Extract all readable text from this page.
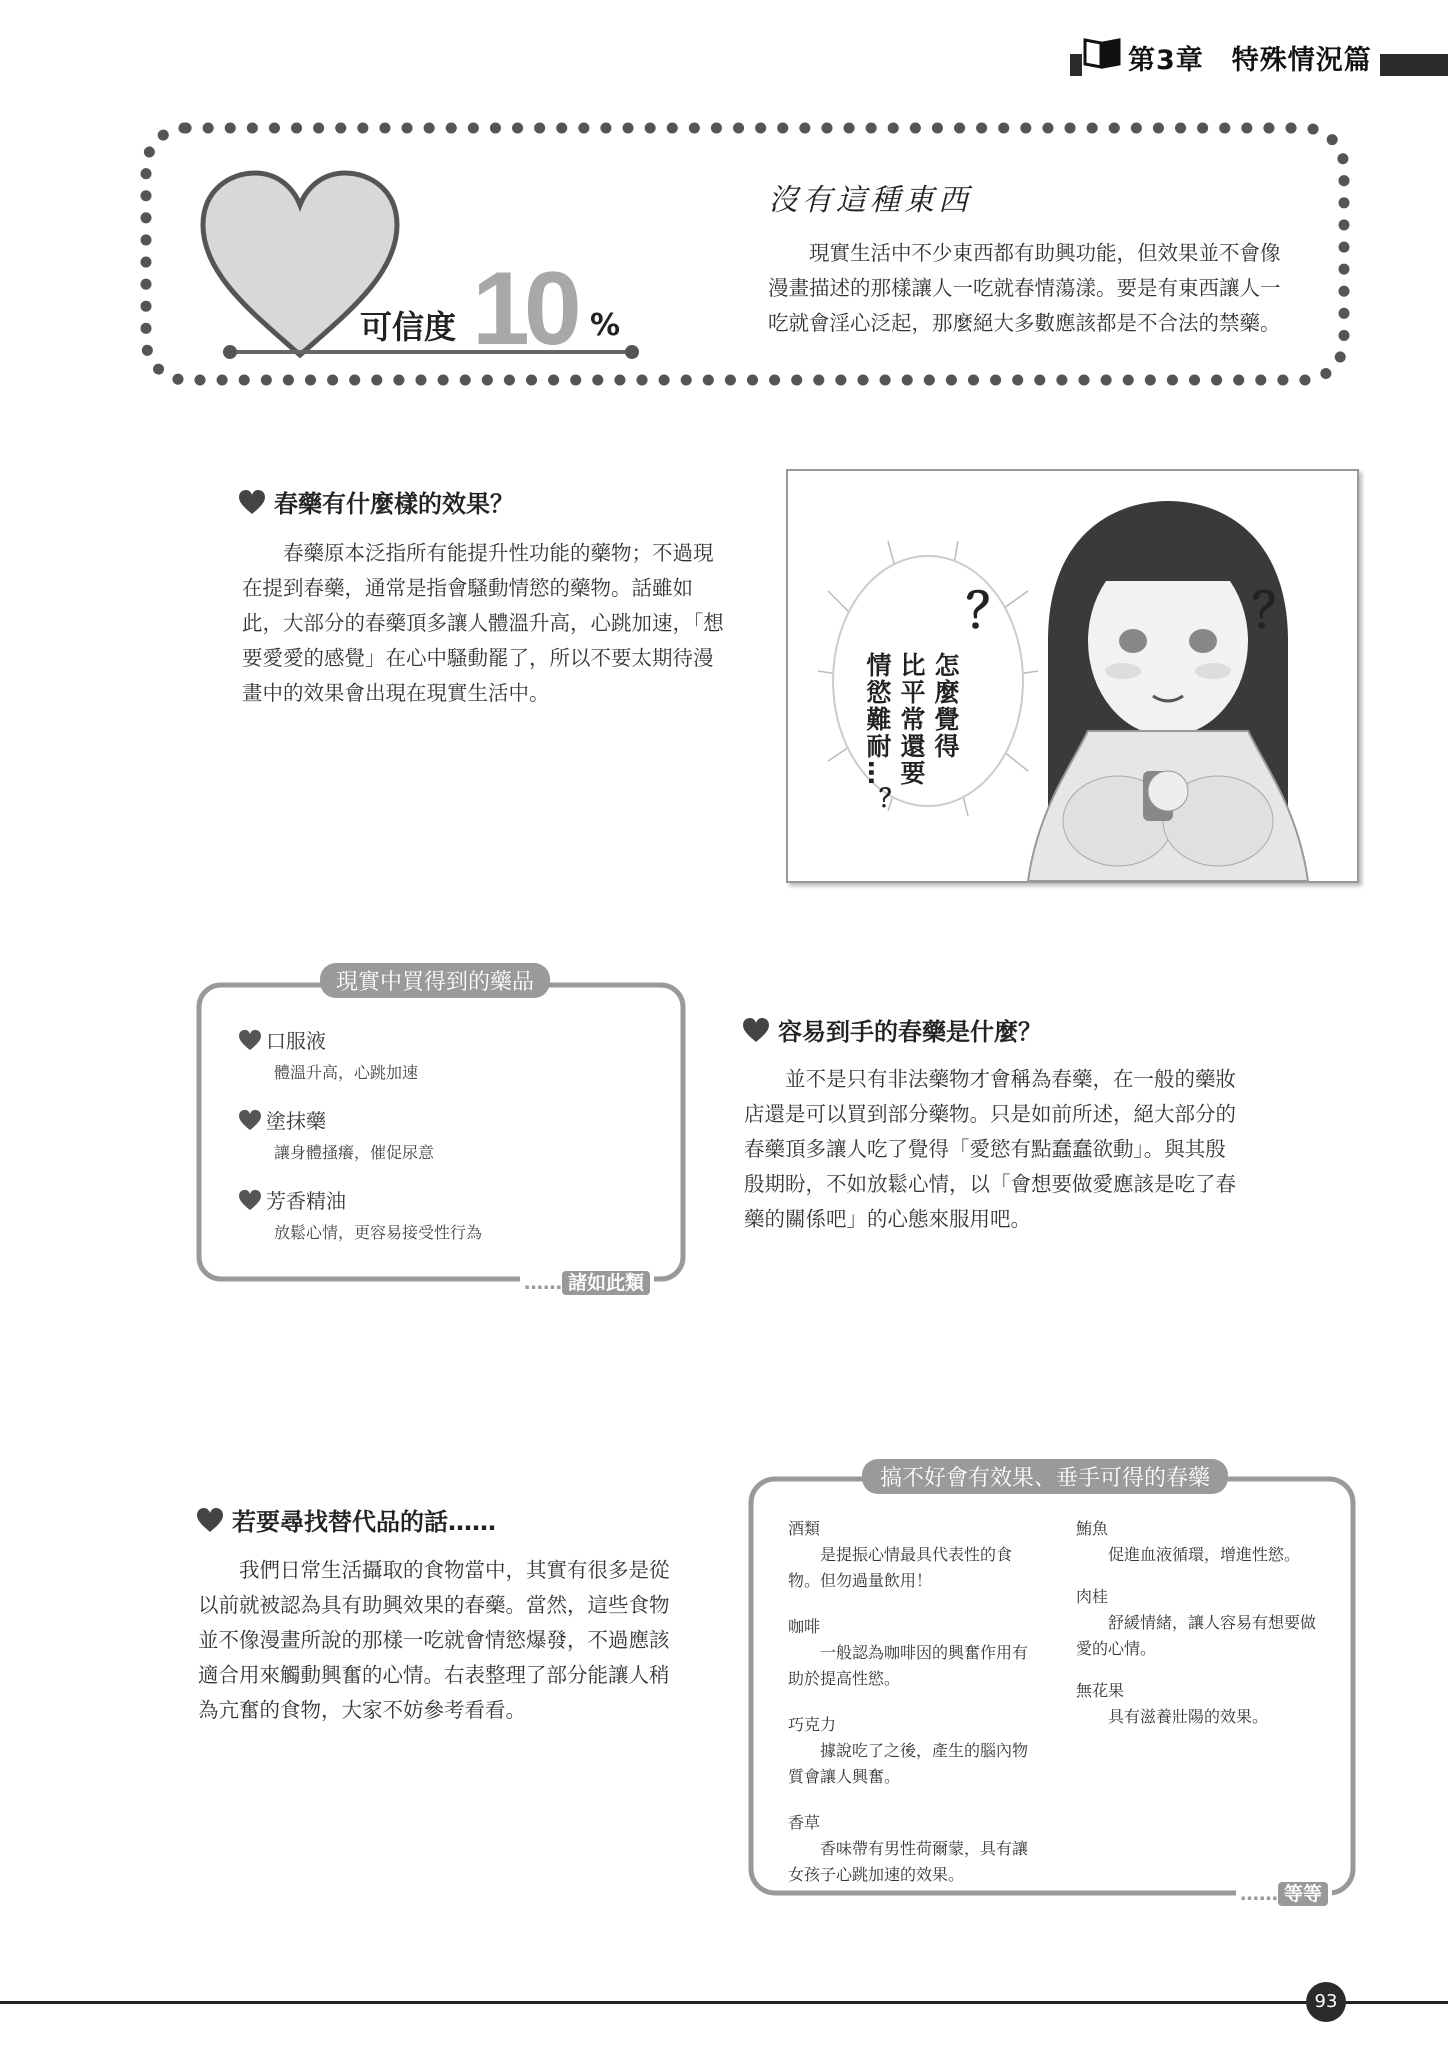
第3章　特殊情況篇
可信度 10 %
沒有這種東西
現實生活中不少東西都有助興功能，但效果並不會像漫畫描述的那樣讓人一吃就春情蕩漾。要是有東西讓人一吃就會淫心泛起，那麼絕大多數應該都是不合法的禁藥。
春藥有什麼樣的效果？
春藥原本泛指所有能提升性功能的藥物；不過現在提到春藥，通常是指會騷動情慾的藥物。話雖如此，大部分的春藥頂多讓人體溫升高，心跳加速，「想要愛愛的感覺」在心中騷動罷了，所以不要太期待漫畫中的效果會出現在現實生活中。
？	？
怎麼覺得
比平常還要
情慾難耐…？
現實中買得到的藥品
口服液
體溫升高，心跳加速
塗抹藥
讓身體搔癢，催促尿意
芳香精油
放鬆心情，更容易接受性行為
…… 諸如此類
容易到手的春藥是什麼？
並不是只有非法藥物才會稱為春藥，在一般的藥妝店還是可以買到部分藥物。只是如前所述，絕大部分的春藥頂多讓人吃了覺得「愛慾有點蠢蠢欲動」。與其殷殷期盼，不如放鬆心情，以「會想要做愛應該是吃了春藥的關係吧」的心態來服用吧。
若要尋找替代品的話……
我們日常生活攝取的食物當中，其實有很多是從以前就被認為具有助興效果的春藥。當然，這些食物並不像漫畫所說的那樣一吃就會情慾爆發，不過應該適合用來觸動興奮的心情。右表整理了部分能讓人稍為亢奮的食物，大家不妨參考看看。
搞不好會有效果、垂手可得的春藥
酒類
是提振心情最具代表性的食物。但勿過量飲用！
咖啡
一般認為咖啡因的興奮作用有助於提高性慾。
巧克力
據說吃了之後，產生的腦內物質會讓人興奮。
香草
香味帶有男性荷爾蒙，具有讓女孩子心跳加速的效果。
鮪魚
促進血液循環，增進性慾。
肉桂
舒緩情緒，讓人容易有想要做愛的心情。
無花果
具有滋養壯陽的效果。
…… 等等
93
